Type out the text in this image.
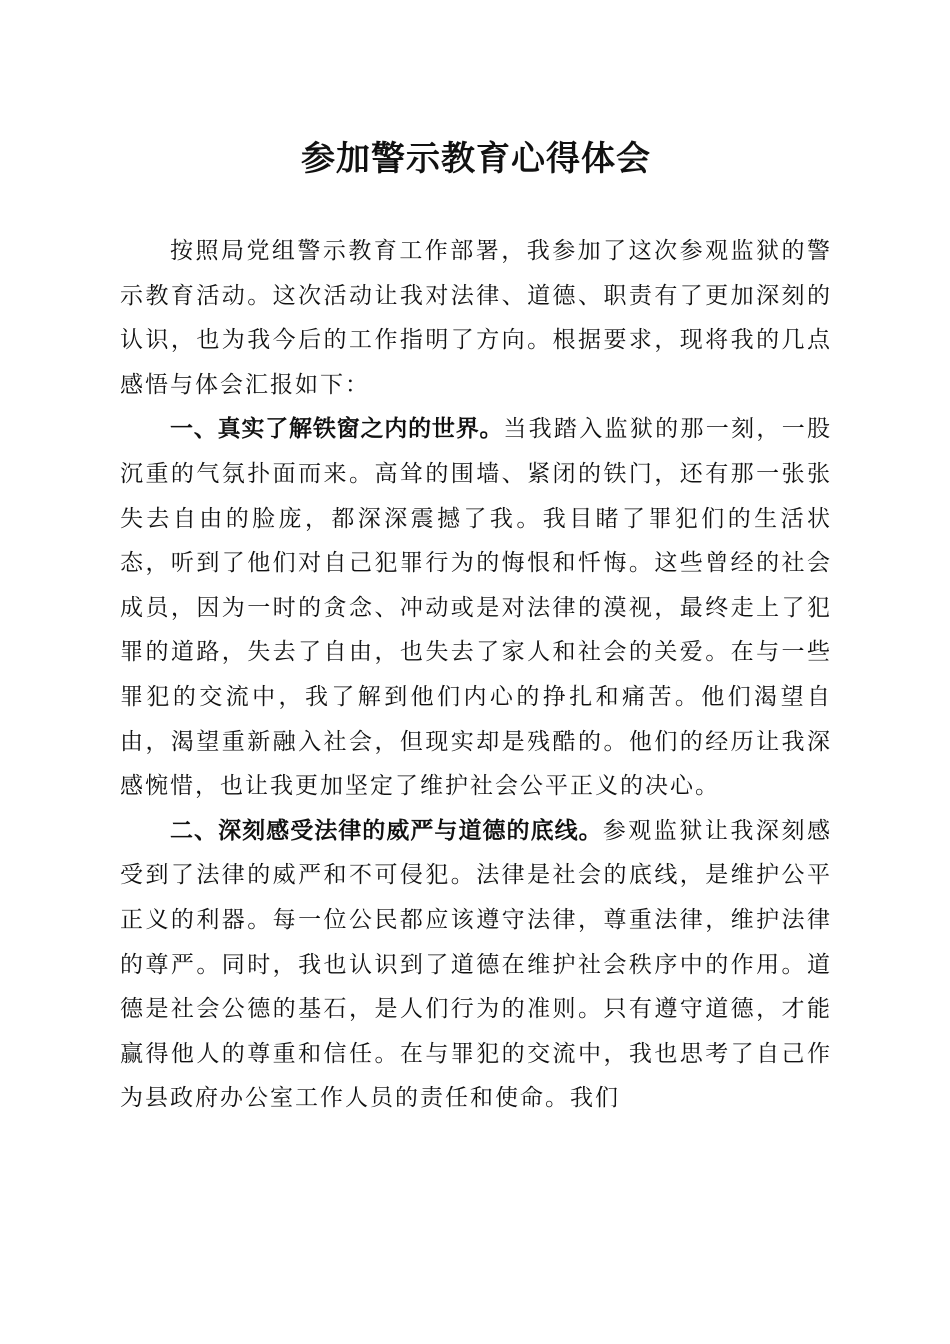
参加警示教育心得体会

按照局党组警示教育工作部署，我参加了这次参观监狱的警示教育活动。这次活动让我对法律、道德、职责有了更加深刻的认识，也为我今后的工作指明了方向。根据要求，现将我的几点感悟与体会汇报如下：

一、真实了解铁窗之内的世界。当我踏入监狱的那一刻，一股沉重的气氛扑面而来。高耸的围墙、紧闭的铁门，还有那一张张失去自由的脸庞，都深深震撼了我。我目睹了罪犯们的生活状态，听到了他们对自己犯罪行为的悔恨和忏悔。这些曾经的社会成员，因为一时的贪念、冲动或是对法律的漠视，最终走上了犯罪的道路，失去了自由，也失去了家人和社会的关爱。在与一些罪犯的交流中，我了解到他们内心的挣扎和痛苦。他们渴望自由，渴望重新融入社会，但现实却是残酷的。他们的经历让我深感惋惜，也让我更加坚定了维护社会公平正义的决心。

二、深刻感受法律的威严与道德的底线。参观监狱让我深刻感受到了法律的威严和不可侵犯。法律是社会的底线，是维护公平正义的利器。每一位公民都应该遵守法律，尊重法律，维护法律的尊严。同时，我也认识到了道德在维护社会秩序中的作用。道德是社会公德的基石，是人们行为的准则。只有遵守道德，才能赢得他人的尊重和信任。在与罪犯的交流中，我也思考了自己作为县政府办公室工作人员的责任和使命。我们
